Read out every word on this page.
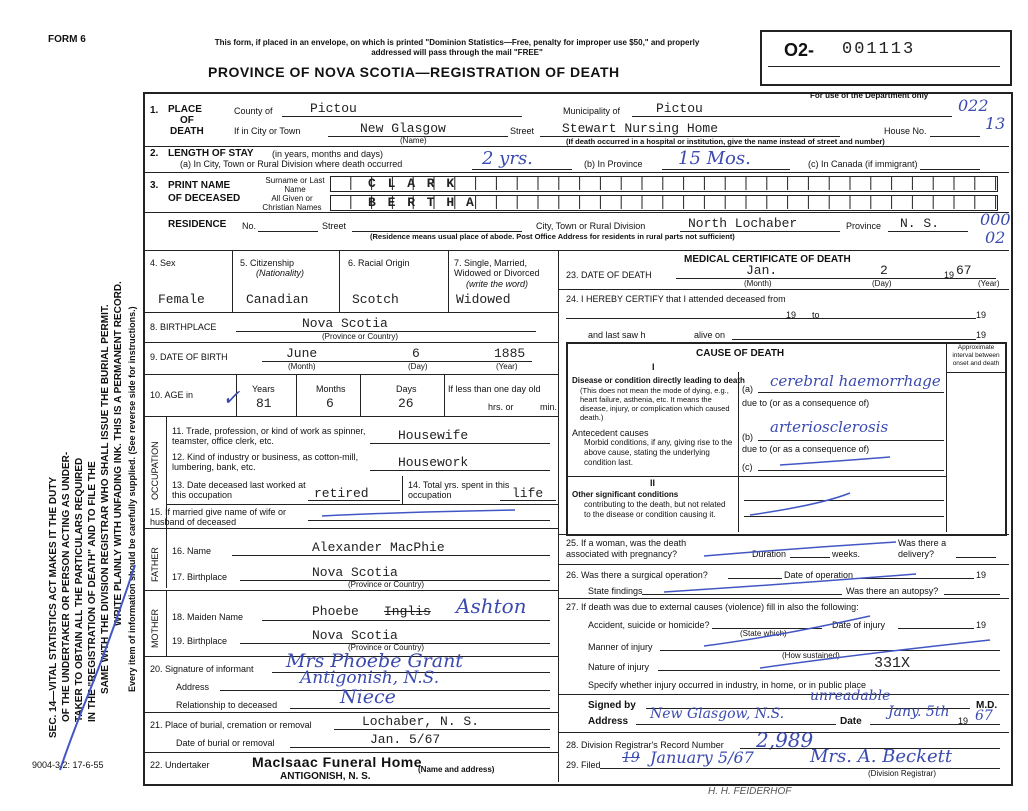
FORM 6	This form, if placed in an envelope, on which is printed "Dominion Statistics—Free, penalty for improper use $50," and properly addressed will pass through the mail "FREE"
PROVINCE OF NOVA SCOTIA—REGISTRATION OF DEATH
O2- 001113
For use of the Department only
022
13
000
02
SEC. 14—VITAL STATISTICS ACT MAKES IT THE DUTY OF THE UNDERTAKER OR PERSON ACTING AS UNDER- TAKER TO OBTAIN ALL THE PARTICULARS REQUIRED IN THE "REGISTRATION OF DEATH" AND TO FILE THE SAME WITH THE DIVISION REGISTRAR WHO SHALL ISSUE THE BURIAL PERMIT. WRITE PLAINLY WITH UNFADING INK. THIS IS A PERMANENT RECORD. Every item of information should be carefully supplied. (See reverse side for instructions.)
1. PLACE
OF
DEATH
County of	Pictou	Municipality of	Pictou
If in City or Town	New Glasgow
(Name)
Street Stewart Nursing Home	House No.
(If death occurred in a hospital or institution, give the name instead of street and number)
2. LENGTH OF STAY (in years, months and days)
(a) In City, Town or Rural Division where death occurred	2 yrs.	(b) In Province 15 Mos.	(c) In Canada (if immigrant)
3. PRINT NAME
OF DECEASED
Surname or Last Name
All Given or Christian Names
C L A R K
B E R T H A
RESIDENCE No.	Street	City, Town or Rural Division	North Lochaber	Province N. S.
(Residence means usual place of abode. Post Office Address for residents in rural parts not sufficient)
4. Sex
Female
5. Citizenship
(Nationality)
Canadian
6. Racial Origin
Scotch
7. Single, Married, Widowed or Divorced
(write the word)
Widowed
8. BIRTHPLACE	Nova Scotia
(Province or Country)
9. DATE OF BIRTH	June	6	1885
(Month)	(Day)	(Year)
10. AGE in
Years	Months	Days
81	6	26
If less than one day old
hrs. or	min.
✓
OCCUPATION
11. Trade, profession, or kind of work as spinner, teamster, office clerk, etc.	Housewife
12. Kind of industry or business, as cotton-mill, lumbering, bank, etc.	Housework
13. Date deceased last worked at this occupation	retired
14. Total yrs. spent in this occupation	life
15. If married give name of wife or husband of deceased
FATHER 16. Name	Alexander MacPhie
17. Birthplace	Nova Scotia
(Province or Country)
MOTHER 18. Maiden Name	Phoebe Inglis Ashton
19. Birthplace	Nova Scotia
(Province or Country)
20. Signature of informant Mrs Phoebe Grant
Address	Antigonish, N.S.
Relationship to deceased	Niece
21. Place of burial, cremation or removal	Lochaber, N. S.
Date of burial or removal	Jan. 5/67
22. Undertaker	MacIsaac Funeral Home
(Name and address)
ANTIGONISH, N. S.
9004-3.2: 17-6-55
H. H. FEIDERHOF
MEDICAL CERTIFICATE OF DEATH
23. DATE OF DEATH	Jan.	2	19 67
(Month)	(Day)	(Year)
24. I HEREBY CERTIFY that I attended deceased from
19 to	19
and last saw h	alive on	19
CAUSE OF DEATH
Approximate interval between onset and death
I
Disease or condition directly leading to death
(This does not mean the mode of dying, e.g., heart failure, asthenia, etc. It means the disease, injury, or complication which caused death.)
(a) cerebral haemorrhage
due to (or as a consequence of)
Antecedent causes
Morbid conditions, if any, giving rise to the above cause, stating the underlying condition last.
(b)
arteriosclerosis
due to (or as a consequence of)
(c)
II
Other significant conditions
contributing to the death, but not related to the disease or condition causing it.
25. If a woman, was the death associated with pregnancy?	Duration	weeks.
Was there a delivery?
26. Was there a surgical operation?	Date of operation	19
State findings	Was there an autopsy?
27. If death was due to external causes (violence) fill in also the following:
Accident, suicide or homicide?
(State which)
Date of injury	19
Manner of injury
(How sustained)
Nature of injury	331X
Specify whether injury occurred in industry, in home, or in public place
Signed by
unreadable
M.D.
Address New Glasgow, N.S.	Date
Jany. 5th
19 67
28. Division Registrar's Record Number 2,989
29. Filed 19 January 5/67	Mrs. A. Beckett
(Division Registrar)
